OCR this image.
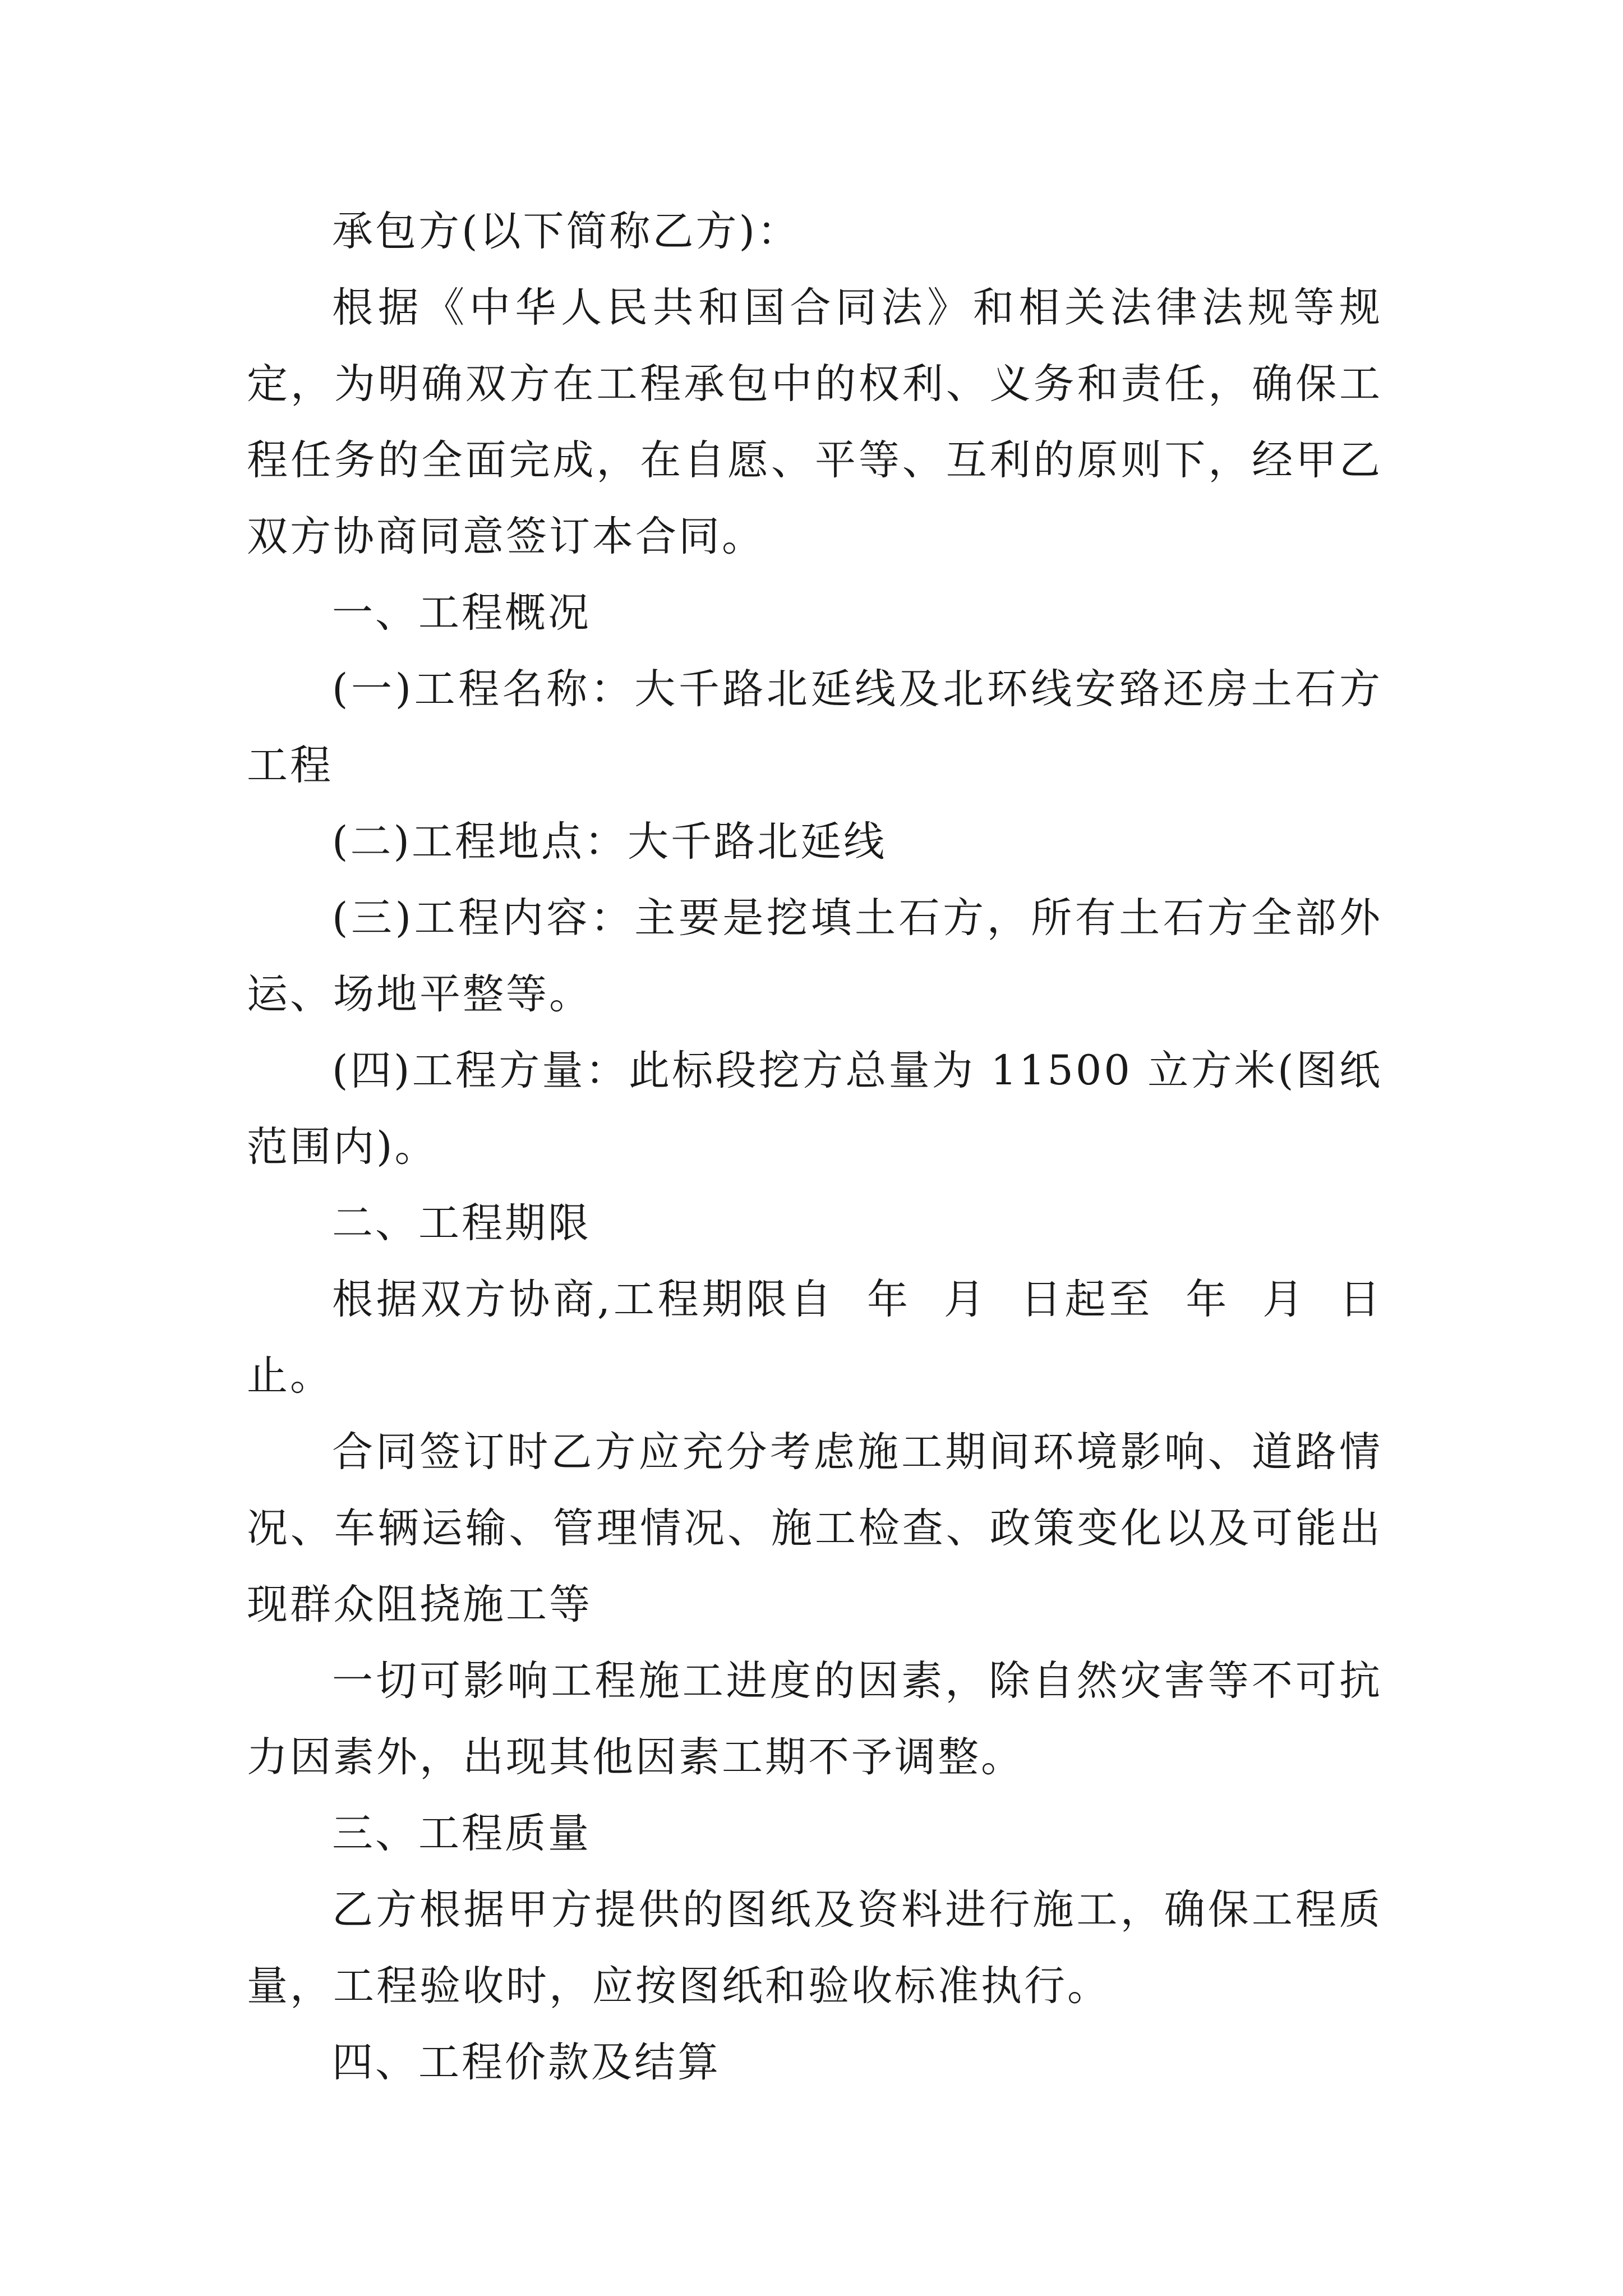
承包方(以下简称乙方)：

根据《中华人民共和国合同法》和相关法律法规等规定，为明确双方在工程承包中的权利、义务和责任，确保工程任务的全面完成，在自愿、平等、互利的原则下，经甲乙双方协商同意签订本合同。

一、工程概况

(一)工程名称：大千路北延线及北环线安臵还房土石方工程

(二)工程地点：大千路北延线

(三)工程内容：主要是挖填土石方，所有土石方全部外运、场地平整等。

(四)工程方量：此标段挖方总量为 11500 立方米(图纸范围内)。

二、工程期限

根据双方协商,工程期限自  年  月  日起至  年  月  日止。

合同签订时乙方应充分考虑施工期间环境影响、道路情况、车辆运输、管理情况、施工检查、政策变化以及可能出现群众阻挠施工等

一切可影响工程施工进度的因素，除自然灾害等不可抗力因素外，出现其他因素工期不予调整。

三、工程质量

乙方根据甲方提供的图纸及资料进行施工，确保工程质量，工程验收时，应按图纸和验收标准执行。

四、工程价款及结算
